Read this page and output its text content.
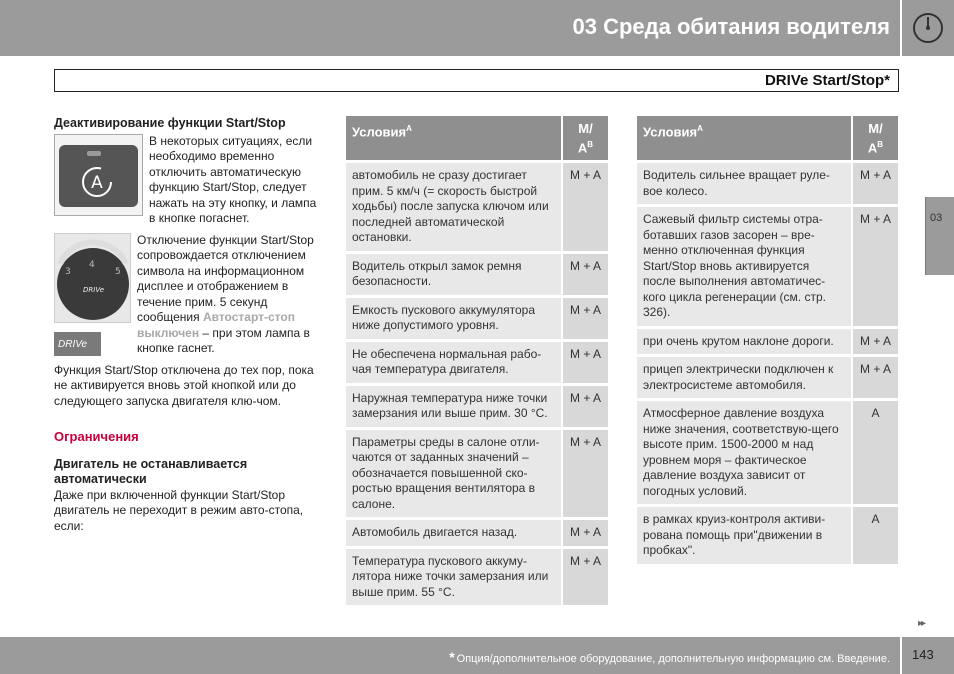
03 Среда обитания водителя
DRIVe Start/Stop*
03

Деактивирование функции Start/Stop

A

В некоторых ситуациях, если необходимо временно отключить автоматическую функцию Start/Stop, следует нажать на эту кнопку, и лампа в кнопке погаснет.

3
4
5
DRIVe
DRIVe

Отключение функции Start/Stop сопровождается отключением символа на информационном дисплее и отображением в течение прим. 5 секунд сообщения Автостарт-стоп выключен – при этом лампа в кнопке гаснет.

Функция Start/Stop отключена до тех пор, пока не активируется вновь этой кнопкой или до следующего запуска двигателя клю-чом.

Ограничения

Двигатель не останавливается автоматически

Даже при включенной функции Start/Stop двигатель не переходит в режим авто-стопа, если:

Условия$^A$	M/
$A^B$
автомобиль не сразу достигает прим. 5 км/ч (= скорость быстрой ходьбы) после запуска ключом или последней автоматической остановки.	M + A
Водитель открыл замок ремня безопасности.	M + A
Емкость пускового аккумулятора ниже допустимого уровня.	M + A
Не обеспечена нормальная рабо-чая температура двигателя.	M + A
Наружная температура ниже точки замерзания или выше прим. 30 °C.	M + A
Параметры среды в салоне отли-чаются от заданных значений – обозначается повышенной ско-ростью вращения вентилятора в салоне.	M + A
Автомобиль двигается назад.	M + A
Температура пускового аккуму-лятора ниже точки замерзания или выше прим. 55 °C.	M + A
Условия$^A$	M/
$A^B$
Водитель сильнее вращает руле-вое колесо.	M + A
Сажевый фильтр системы отра-ботавших газов засорен – вре-менно отключенная функция Start/Stop вновь активируется после выполнения автоматичес-кого цикла регенерации (см. стр. 326).	M + A
при очень крутом наклоне дороги.	M + A
прицеп электрически подключен к электросистеме автомобиля.	M + A
Атмосферное давление воздуха ниже значения, соответствую-щего высоте прим. 1500-2000 м над уровнем моря – фактическое давление воздуха зависит от погодных условий.	A
в рамках круиз-контроля активи-рована помощь при"движении в пробках".	A
▸▸
* Опция/дополнительное оборудование, дополнительную информацию см. Введение. 143
